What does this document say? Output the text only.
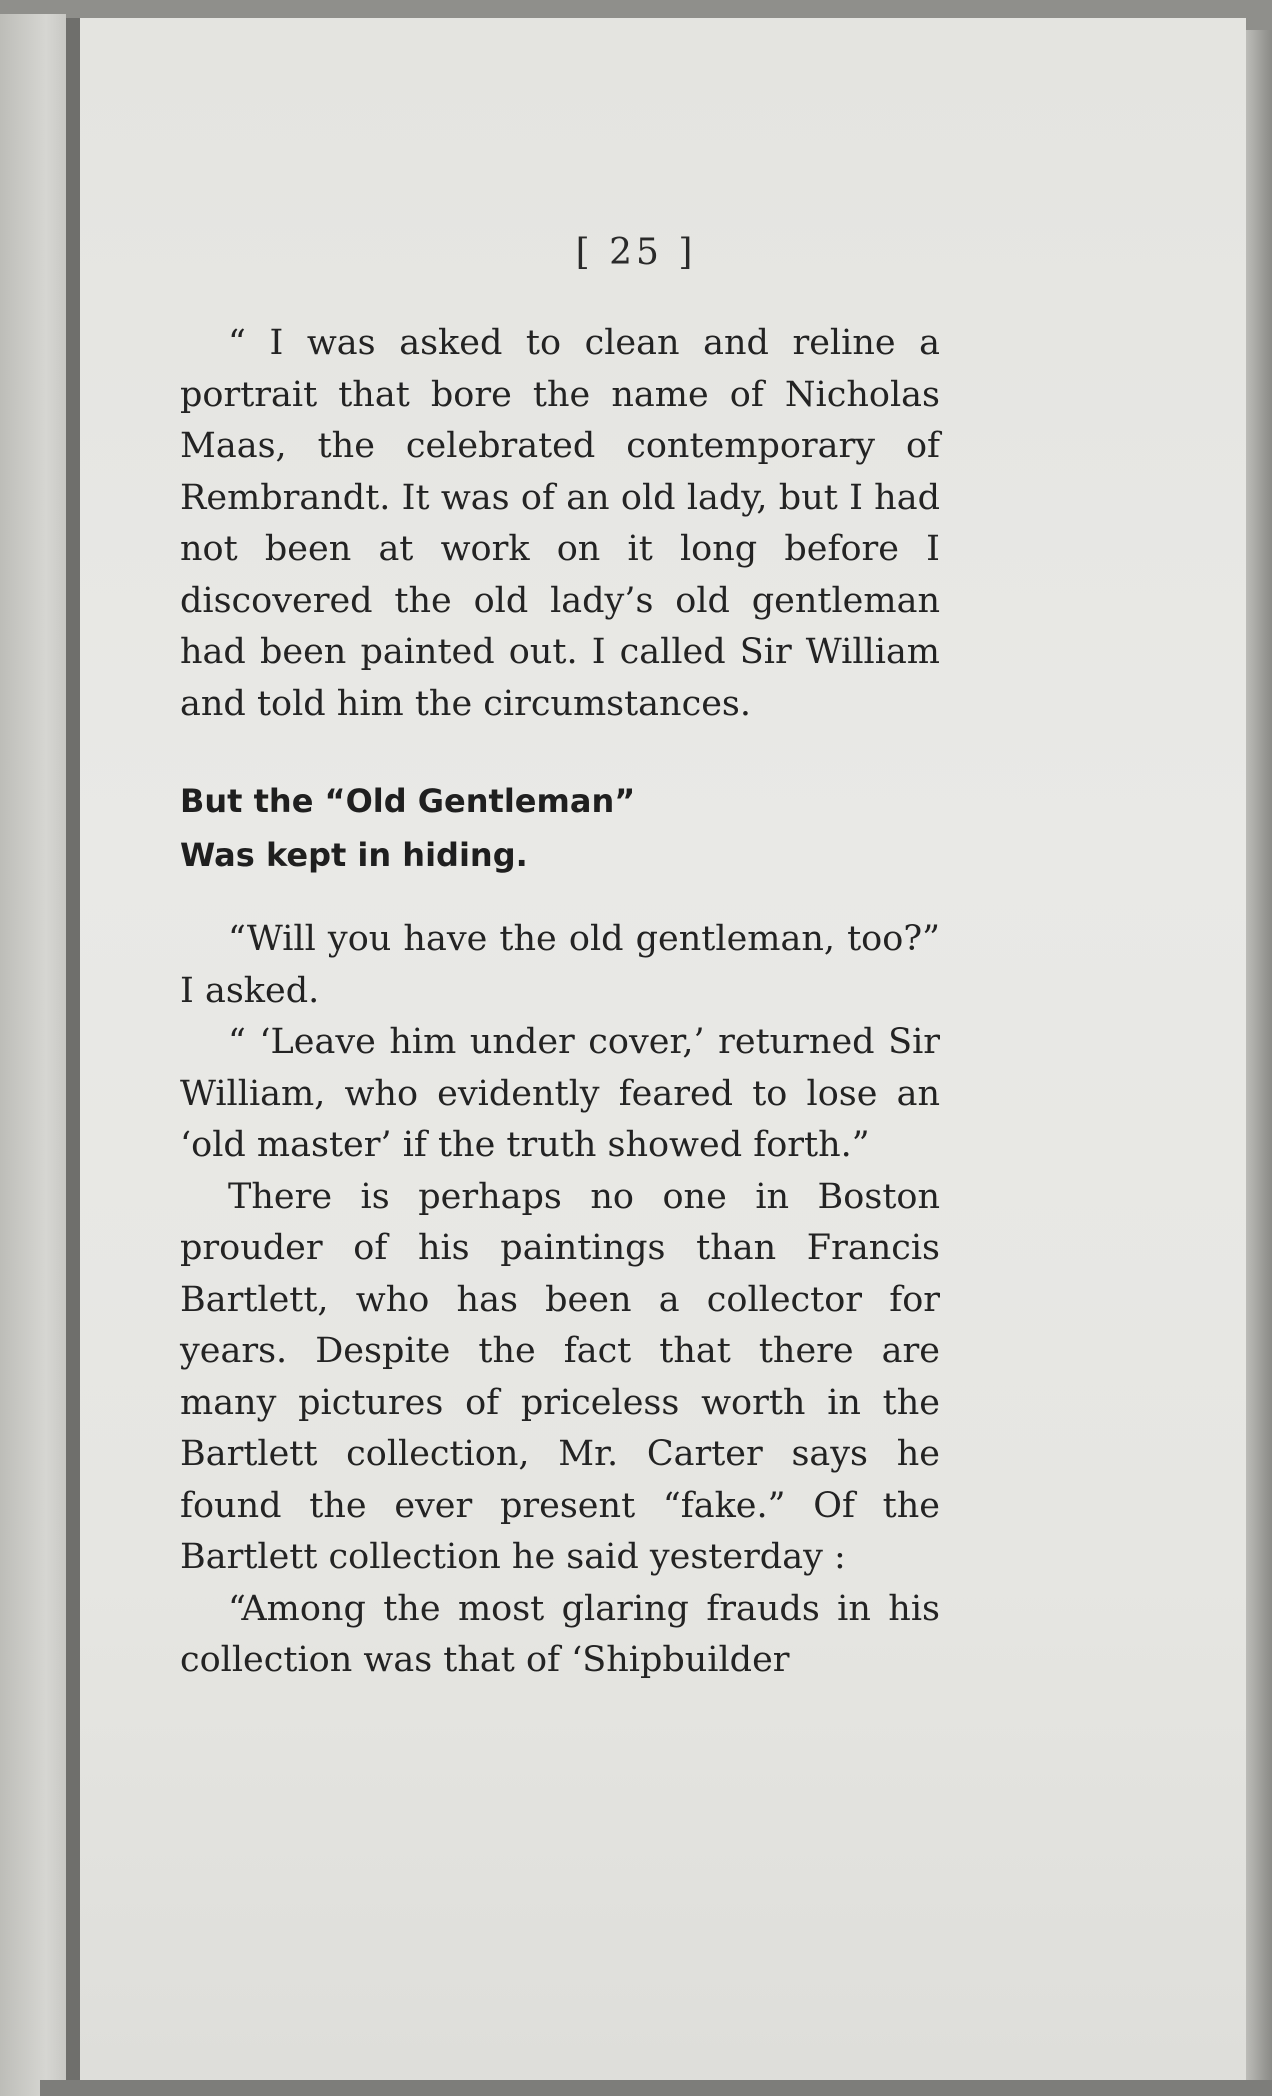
[ 25 ]

“ I was asked to clean and reline a portrait that bore the name of Nicholas Maas, the celebrated contemporary of Rembrandt. It was of an old lady, but I had not been at work on it long before I discovered the old lady’s old gentleman had been painted out. I called Sir William and told him the circumstances.

But the “Old Gentleman”
Was kept in hiding.

“Will you have the old gentleman, too?” I asked.

“ ‘Leave him under cover,’ returned Sir William, who evidently feared to lose an ‘old master’ if the truth showed forth.”

There is perhaps no one in Boston prouder of his paintings than Francis Bartlett, who has been a collector for years. Despite the fact that there are many pictures of priceless worth in the Bartlett collection, Mr. Carter says he found the ever present “fake.” Of the Bartlett collection he said yesterday :

“Among the most glaring frauds in his collection was that of ‘Shipbuilder
